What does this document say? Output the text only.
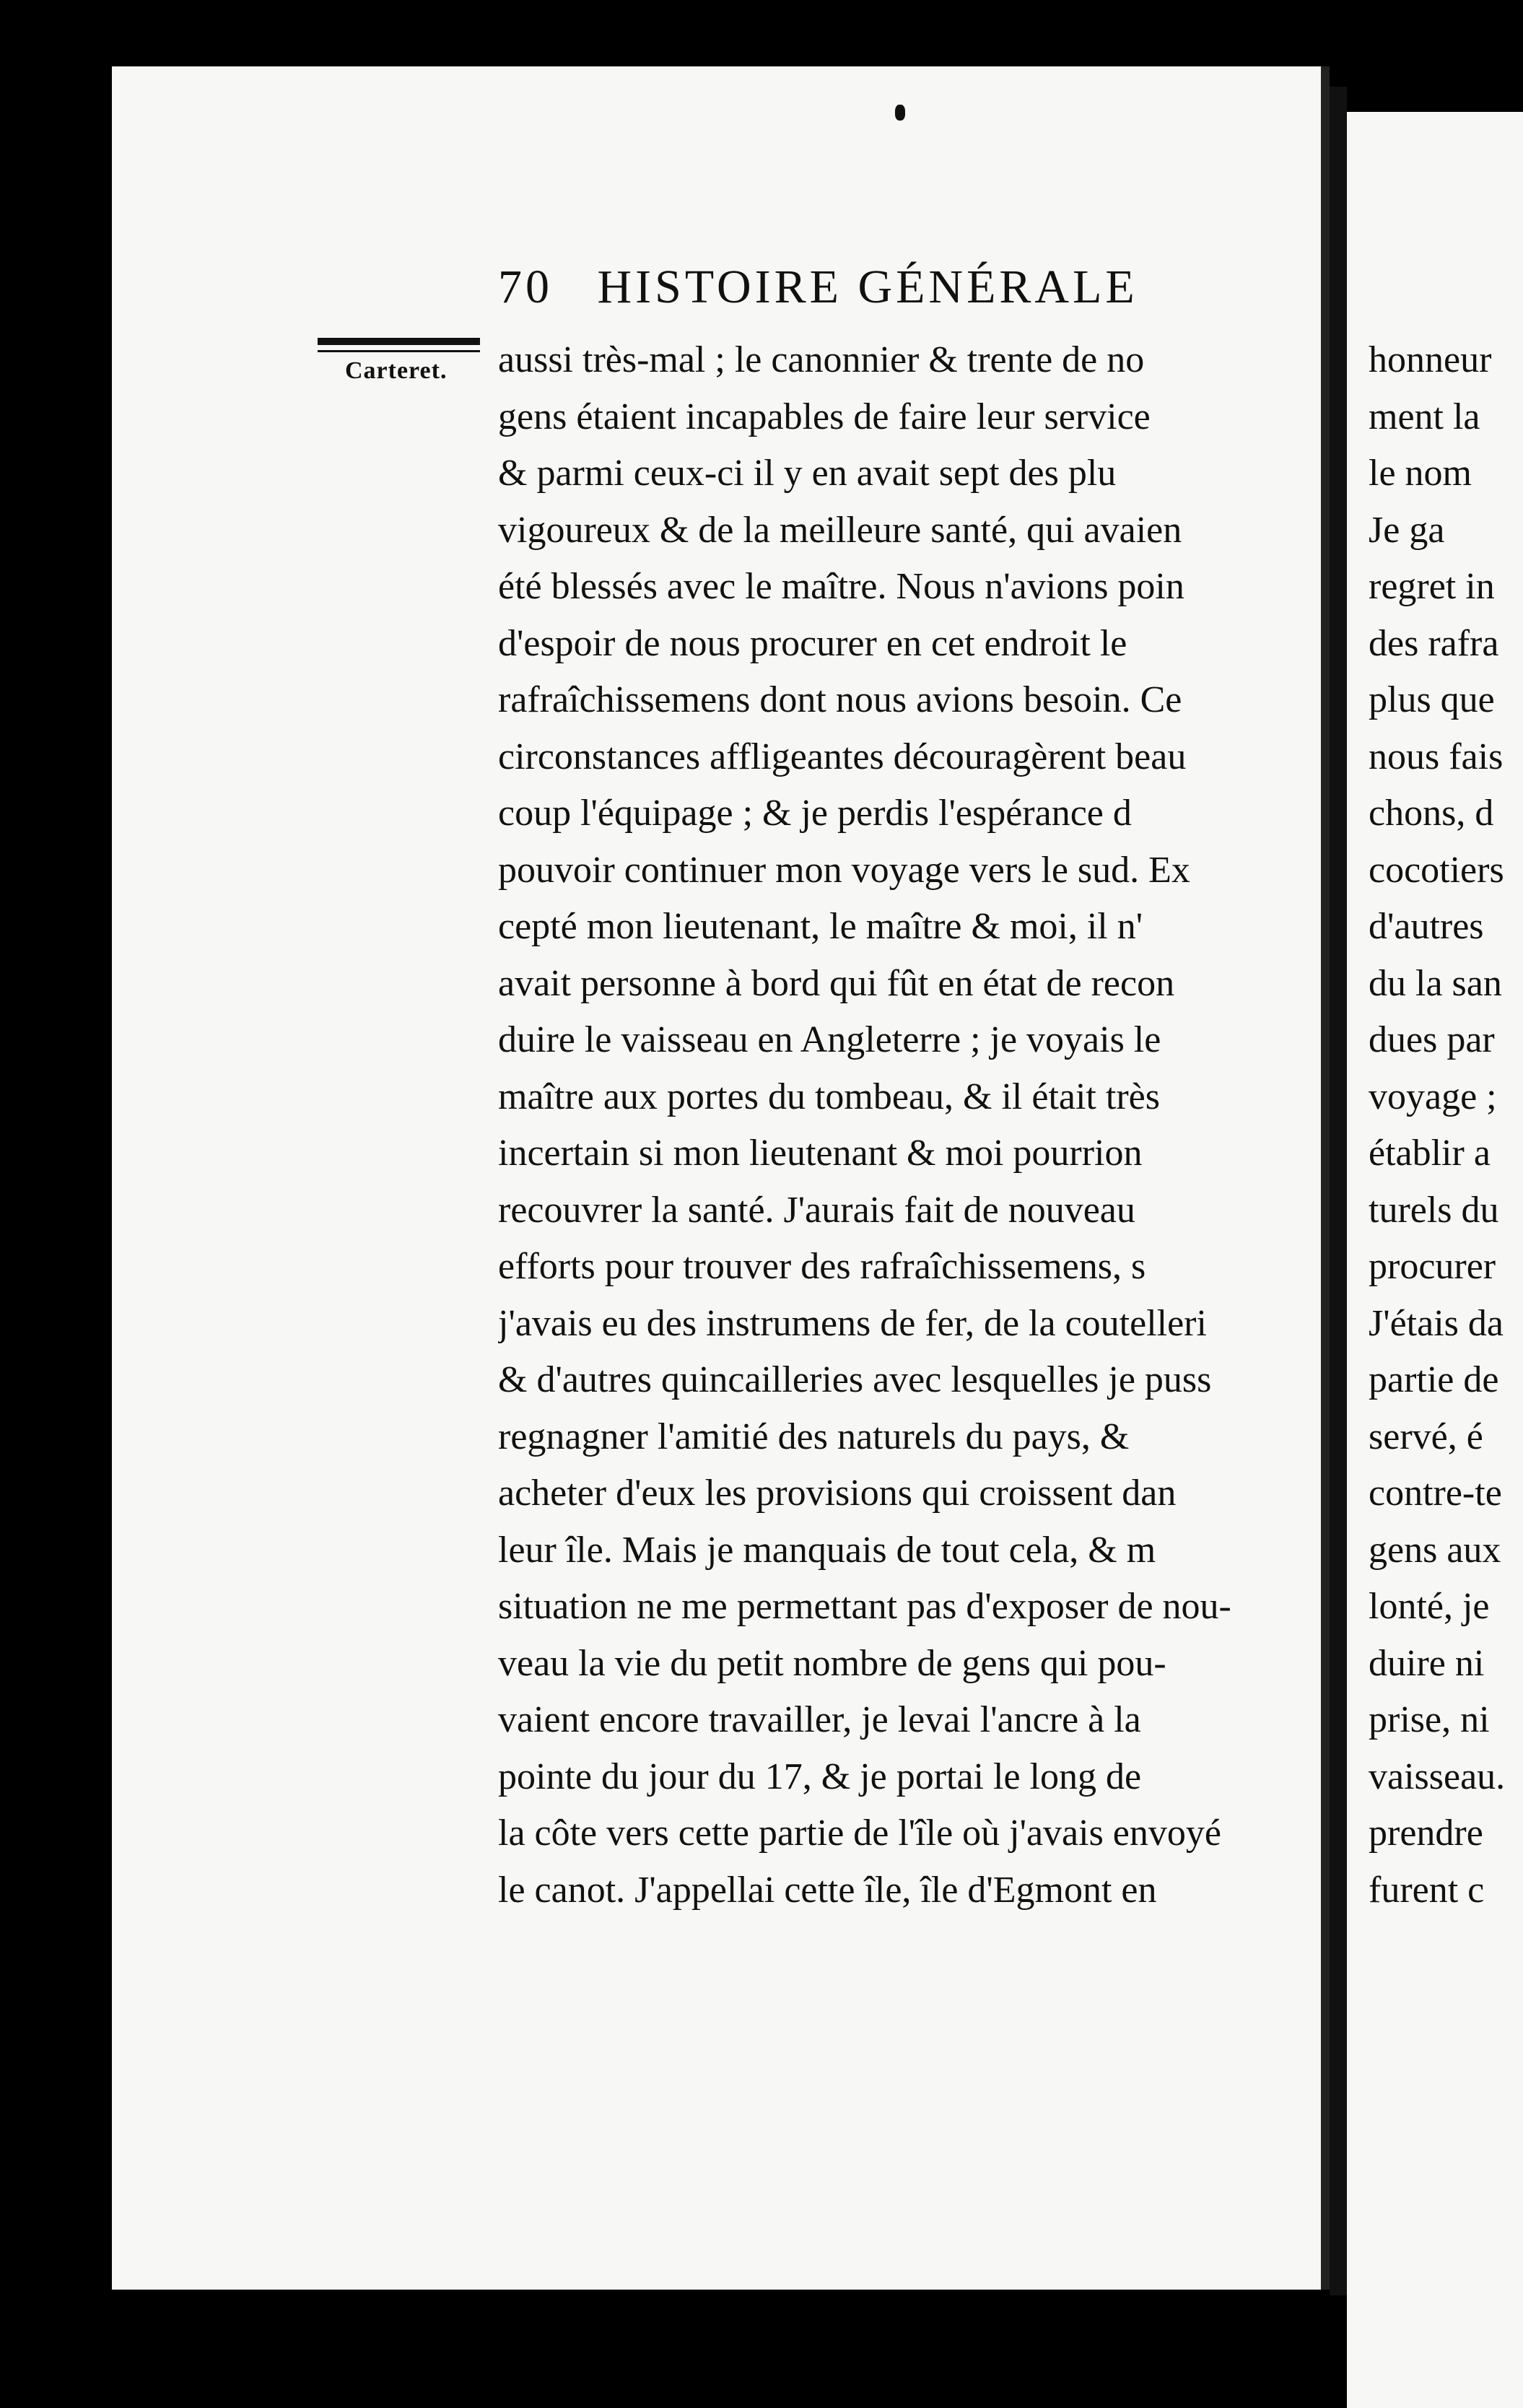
honneur
ment la
le nom
Je ga
regret in
des rafra
plus que
nous fais
chons, d
cocotiers
d'autres
du la san
dues par
voyage ;
établir a
turels du
procurer
J'étais da
partie de
servé, é
contre-te
gens aux
lonté, je
duire ni
prise, ni
vaisseau.
prendre
furent c
70 HISTOIRE GÉNÉRALE
Carteret. aussi très-mal ; le canonnier & trente de no
gens étaient incapables de faire leur service
& parmi ceux-ci il y en avait sept des plu
vigoureux & de la meilleure santé, qui avaien
été blessés avec le maître. Nous n'avions poin
d'espoir de nous procurer en cet endroit le
rafraîchissemens dont nous avions besoin. Ce
circonstances affligeantes découragèrent beau
coup l'équipage ; & je perdis l'espérance d
pouvoir continuer mon voyage vers le sud. Ex
cepté mon lieutenant, le maître & moi, il n'
avait personne à bord qui fût en état de recon
duire le vaisseau en Angleterre ; je voyais le
maître aux portes du tombeau, & il était très
incertain si mon lieutenant & moi pourrion
recouvrer la santé. J'aurais fait de nouveau
efforts pour trouver des rafraîchissemens, s
j'avais eu des instrumens de fer, de la coutelleri
& d'autres quincailleries avec lesquelles je puss
regnagner l'amitié des naturels du pays, &
acheter d'eux les provisions qui croissent dan
leur île. Mais je manquais de tout cela, & m
situation ne me permettant pas d'exposer de nou-
veau la vie du petit nombre de gens qui pou-
vaient encore travailler, je levai l'ancre à la
pointe du jour du 17, & je portai le long de
la côte vers cette partie de l'île où j'avais envoyé
le canot. J'appellai cette île, île d'Egmont en
